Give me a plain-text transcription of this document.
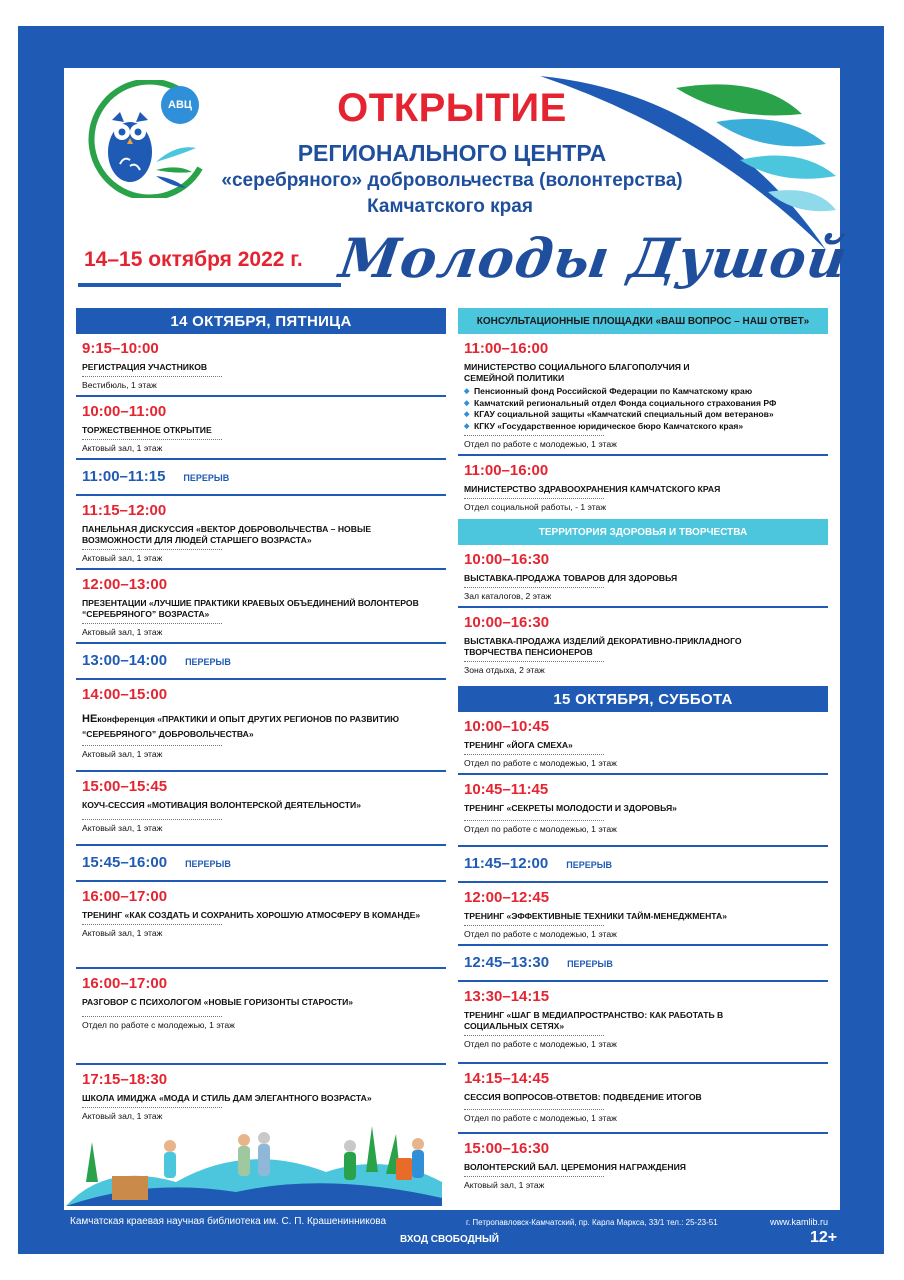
АВЦ	ОТКРЫТИЕ
РЕГИОНАЛЬНОГО ЦЕНТРА
«серебряного» добровольчества (волонтерства)
Камчатского края
14–15 октября 2022 г. Молоды Душой
14 ОКТЯБРЯ, ПЯТНИЦА
9:15–10:00
РЕГИСТРАЦИЯ УЧАСТНИКОВ
Вестибюль, 1 этаж
10:00–11:00
ТОРЖЕСТВЕННОЕ ОТКРЫТИЕ
Актовый зал, 1 этаж
11:00–11:15 ПЕРЕРЫВ
11:15–12:00
ПАНЕЛЬНАЯ ДИСКУССИЯ «ВЕКТОР ДОБРОВОЛЬЧЕСТВА – НОВЫЕ ВОЗМОЖНОСТИ ДЛЯ ЛЮДЕЙ СТАРШЕГО ВОЗРАСТА»
Актовый зал, 1 этаж
12:00–13:00
ПРЕЗЕНТАЦИИ «ЛУЧШИЕ ПРАКТИКИ КРАЕВЫХ ОБЪЕДИНЕНИЙ ВОЛОНТЕРОВ “СЕРЕБРЯНОГО” ВОЗРАСТА»
Актовый зал, 1 этаж
13:00–14:00 ПЕРЕРЫВ
14:00–15:00
НЕконференция «ПРАКТИКИ И ОПЫТ ДРУГИХ РЕГИОНОВ ПО РАЗВИТИЮ “СЕРЕБРЯНОГО” ДОБРОВОЛЬЧЕСТВА»
Актовый зал, 1 этаж
15:00–15:45
КОУЧ-СЕССИЯ «МОТИВАЦИЯ ВОЛОНТЕРСКОЙ ДЕЯТЕЛЬНОСТИ»
Актовый зал, 1 этаж
15:45–16:00 ПЕРЕРЫВ
16:00–17:00
ТРЕНИНГ «КАК СОЗДАТЬ И СОХРАНИТЬ ХОРОШУЮ АТМОСФЕРУ В КОМАНДЕ»
Актовый зал, 1 этаж
16:00–17:00
РАЗГОВОР С ПСИХОЛОГОМ «НОВЫЕ ГОРИЗОНТЫ СТАРОСТИ»
Отдел по работе с молодежью, 1 этаж
17:15–18:30
ШКОЛА ИМИДЖА «МОДА И СТИЛЬ ДАМ ЭЛЕГАНТНОГО ВОЗРАСТА»
Актовый зал, 1 этаж
КОНСУЛЬТАЦИОННЫЕ ПЛОЩАДКИ «ВАШ ВОПРОС – НАШ ОТВЕТ»
11:00–16:00
МИНИСТЕРСТВО СОЦИАЛЬНОГО БЛАГОПОЛУЧИЯ И СЕМЕЙНОЙ ПОЛИТИКИ
◆ Пенсионный фонд Российской Федерации по Камчатскому краю
◆ Камчатский региональный отдел Фонда социального страхования РФ
◆ КГАУ социальной защиты «Камчатский специальный дом ветеранов»
◆ КГКУ «Государственное юридическое бюро Камчатского края»
Отдел по работе с молодежью, 1 этаж
11:00–16:00
МИНИСТЕРСТВО ЗДРАВООХРАНЕНИЯ КАМЧАТСКОГО КРАЯ
Отдел социальной работы, - 1 этаж
ТЕРРИТОРИЯ ЗДОРОВЬЯ И ТВОРЧЕСТВА
10:00–16:30
ВЫСТАВКА-ПРОДАЖА ТОВАРОВ ДЛЯ ЗДОРОВЬЯ
Зал каталогов, 2 этаж
10:00–16:30
ВЫСТАВКА-ПРОДАЖА ИЗДЕЛИЙ ДЕКОРАТИВНО-ПРИКЛАДНОГО ТВОРЧЕСТВА ПЕНСИОНЕРОВ
Зона отдыха, 2 этаж
15 ОКТЯБРЯ, СУББОТА
10:00–10:45
ТРЕНИНГ «ЙОГА СМЕХА»
Отдел по работе с молодежью, 1 этаж
10:45–11:45
ТРЕНИНГ «СЕКРЕТЫ МОЛОДОСТИ И ЗДОРОВЬЯ»
Отдел по работе с молодежью, 1 этаж
11:45–12:00 ПЕРЕРЫВ
12:00–12:45
ТРЕНИНГ «ЭФФЕКТИВНЫЕ ТЕХНИКИ ТАЙМ-МЕНЕДЖМЕНТА»
Отдел по работе с молодежью, 1 этаж
12:45–13:30 ПЕРЕРЫВ
13:30–14:15
ТРЕНИНГ «ШАГ В МЕДИАПРОСТРАНСТВО: КАК РАБОТАТЬ В СОЦИАЛЬНЫХ СЕТЯХ»
Отдел по работе с молодежью, 1 этаж
14:15–14:45
СЕССИЯ ВОПРОСОВ-ОТВЕТОВ: ПОДВЕДЕНИЕ ИТОГОВ
Отдел по работе с молодежью, 1 этаж
15:00–16:30
ВОЛОНТЕРСКИЙ БАЛ. ЦЕРЕМОНИЯ НАГРАЖДЕНИЯ
Актовый зал, 1 этаж
Камчатская краевая научная библиотека им. С. П. Крашенинникова
ВХОД СВОБОДНЫЙ
г. Петропавловск-Камчатский, пр. Карла Маркса, 33/1 тел.: 25-23-51	www.kamlib.ru
12+
